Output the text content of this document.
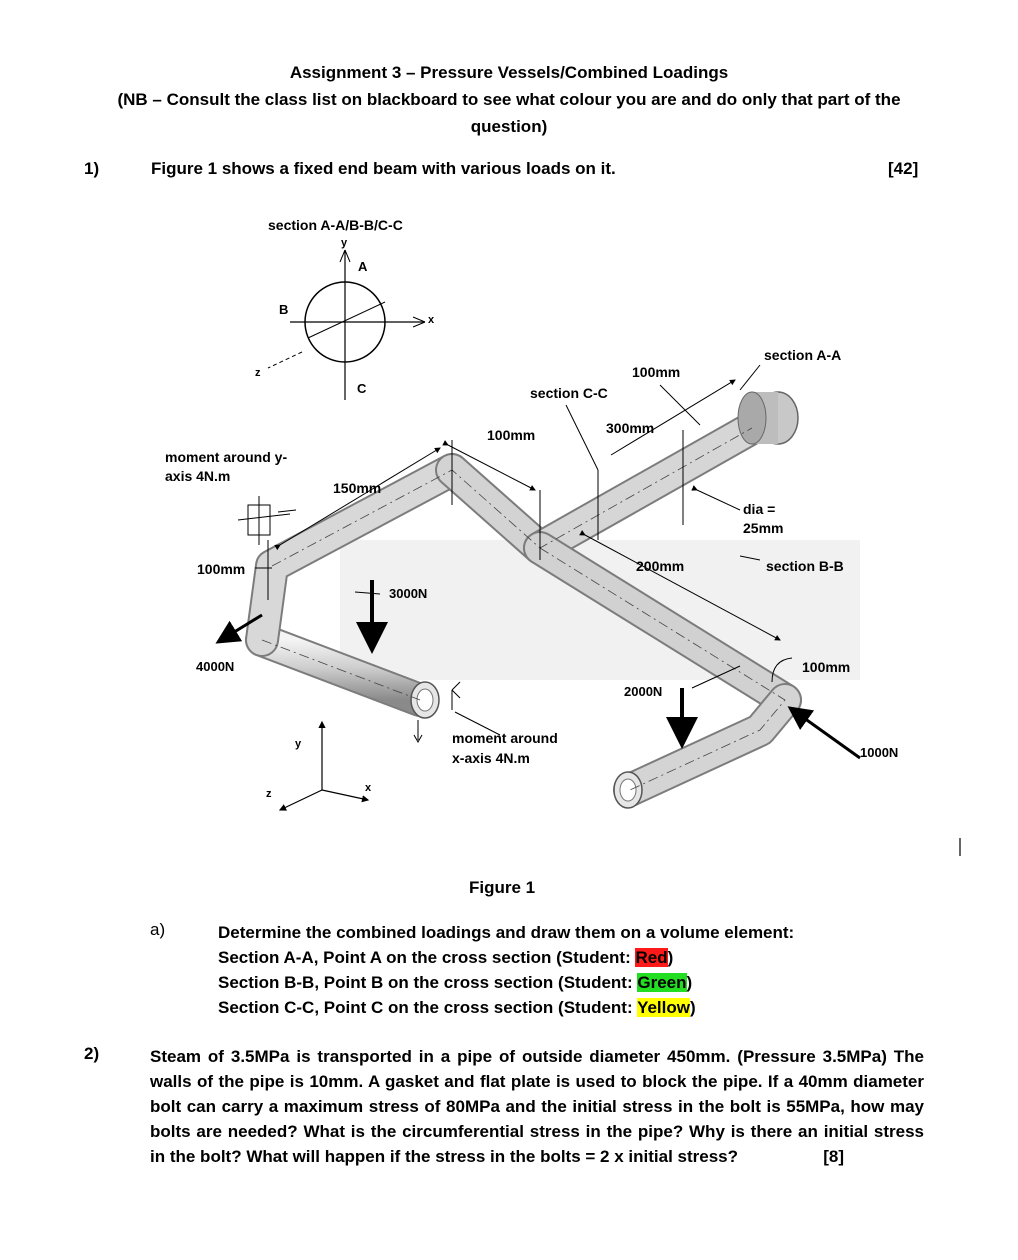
Assignment 3 – Pressure Vessels/Combined Loadings
(NB – Consult the class list on blackboard to see what colour you are and do only that part of the
question)
1)	Figure 1 shows a fixed end beam with various loads on it.	[42]
section A-A/B-B/C-C
y
A
B
C
x
z
section A-A
100mm
section C-C
300mm
100mm
moment around y-
axis 4N.m
150mm
dia =
25mm
100mm	200mm	section B-B
3000N
100mm
4000N
2000N
moment around
x-axis 4N.m	1000N
y
z	x
Figure 1
a)	Determine the combined loadings and draw them on a volume element:
Section A-A, Point A on the cross section (Student: Red)
Section B-B, Point B on the cross section (Student: Green)
Section C-C, Point C on the cross section (Student: Yellow)
2)	Steam of 3.5MPa is transported in a pipe of outside diameter 450mm. (Pressure 3.5MPa) The walls of the pipe is 10mm. A gasket and flat plate is used to block the pipe. If a 40mm diameter bolt can carry a maximum stress of 80MPa and the initial stress in the bolt is 55MPa, how may bolts are needed? What is the circumferential stress in the pipe? Why is there an initial stress in the bolt? What will happen if the stress in the bolts = 2 x initial stress?	[8]
